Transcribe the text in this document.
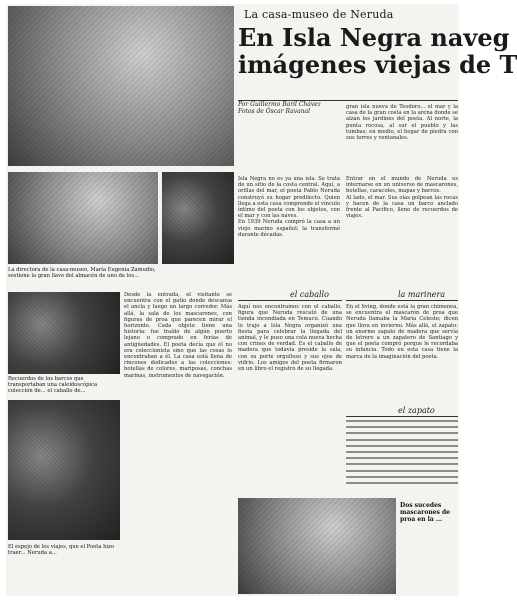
La casa-museo de Neruda
En Isla Negra naveg
imágenes viejas de T
Por Guillermo Baril Chávez
Fotos de Óscar Ravanal
gran isla nueva de Teodoro... el mar y la casa de la gran costa en la arena donde se alzan los jardines del poeta. Al norte, la punta rocosa, al sur el pueblo y las tumbas; en medio, el hogar de piedra con sus torres y ventanales.
La directora de la casa-museo, María Eugenia Zamudio, sostiene la gran llave del almacén de uno de los...
Isla Negra no es ya una isla. Se trata de un sitio de la costa central. Aquí, a orillas del mar, el poeta Pablo Neruda construyó su hogar predilecto. Quien llega a esta casa comprende el vínculo íntimo del poeta con los objetos, con el mar y con las naves.
En 1939 Neruda compró la casa a un viejo marino español; la transformó durante décadas.
Entrar en el mundo de Neruda es internarse en un universo de mascarones, botellas, caracoles, mapas y barcos.
Al lado, el mar. Sus olas golpean las rocas y hacen de la casa un barco anclado frente al Pacífico, lleno de recuerdos de viajes.
Recuerdos de los barcos que transportaban una caleidoscópica colección de... el caballo de...
El espejo de los viajes, que el Poeta hizo traer... Neruda a...
Desde la entrada, el visitante se encuentra con el patio donde descansa el ancla y luego un largo corredor. Más allá, la sala de los mascarones, con figuras de proa que parecen mirar el horizonte. Cada objeto tiene una historia: fue traído de algún puerto lejano o comprado en ferias de antigüedades. El poeta decía que él no era coleccionista sino que las cosas lo encontraban a él. La casa está llena de rincones dedicados a las colecciones: botellas de colores, mariposas, conchas marinas, instrumentos de navegación.
el caballo
Aquí nos encontramos con el caballo, figura que Neruda rescató de una tienda incendiada en Temuco. Cuando lo trajo a Isla Negra organizó una fiesta para celebrar la llegada del animal, y le puso una cola nueva hecha con crines de verdad. Es el caballo de madera que todavía preside la sala, con su porte orgulloso y sus ojos de vidrio. Los amigos del poeta firmaron en un libro el registro de su llegada.
la marinera
En el living, donde está la gran chimenea, se encuentra el mascarón de proa que Neruda llamaba la María Celeste; dicen que llora en invierno. Más allá, el zapato: un enorme zapato de madera que servía de letrero a un zapatero de Santiago y que el poeta compró porque le recordaba su infancia. Todo en esta casa tiene la marca de la imaginación del poeta.
el zapato
Dos sucedes mascarones de proa en la ...
